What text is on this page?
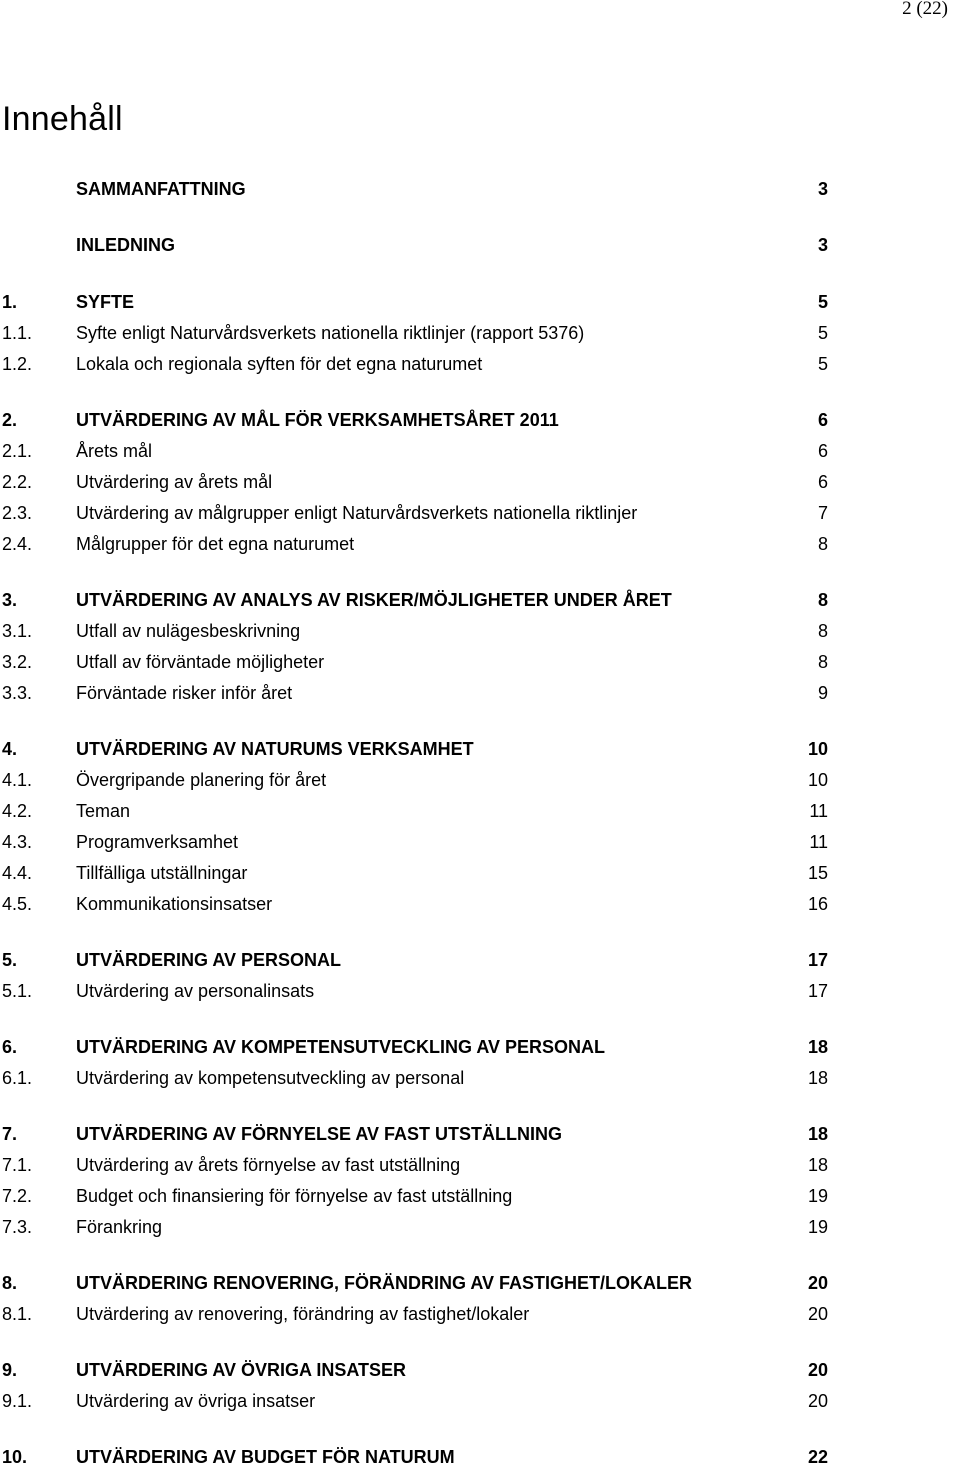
2 (22)
Innehåll
SAMMANFATTNING	3
INLEDNING	3
1.	SYFTE	5
1.1. Syfte enligt Naturvårdsverkets nationella riktlinjer (rapport 5376)	5
1.2. Lokala och regionala syften för det egna naturumet	5
2.	UTVÄRDERING AV MÅL FÖR VERKSAMHETSÅRET 2011	6
2.1. Årets mål	6
2.2. Utvärdering av årets mål	6
2.3. Utvärdering av målgrupper enligt Naturvårdsverkets nationella riktlinjer	7
2.4. Målgrupper för det egna naturumet	8
3.	UTVÄRDERING AV ANALYS AV RISKER/MÖJLIGHETER UNDER ÅRET	8
3.1. Utfall av nulägesbeskrivning	8
3.2. Utfall av förväntade möjligheter	8
3.3. Förväntade risker inför året	9
4.	UTVÄRDERING AV NATURUMS VERKSAMHET	10
4.1. Övergripande planering för året	10
4.2. Teman	11
4.3. Programverksamhet	11
4.4. Tillfälliga utställningar	15
4.5. Kommunikationsinsatser	16
5.	UTVÄRDERING AV PERSONAL	17
5.1. Utvärdering av personalinsats	17
6.	UTVÄRDERING AV KOMPETENSUTVECKLING AV PERSONAL	18
6.1. Utvärdering av kompetensutveckling av personal	18
7.	UTVÄRDERING AV FÖRNYELSE AV FAST UTSTÄLLNING	18
7.1. Utvärdering av årets förnyelse av fast utställning	18
7.2. Budget och finansiering för förnyelse av fast utställning	19
7.3. Förankring	19
8.	UTVÄRDERING RENOVERING, FÖRÄNDRING AV FASTIGHET/LOKALER	20
8.1. Utvärdering av renovering, förändring av fastighet/lokaler	20
9.	UTVÄRDERING AV ÖVRIGA INSATSER	20
9.1. Utvärdering av övriga insatser	20
10.	UTVÄRDERING AV BUDGET FÖR NATURUM	22
